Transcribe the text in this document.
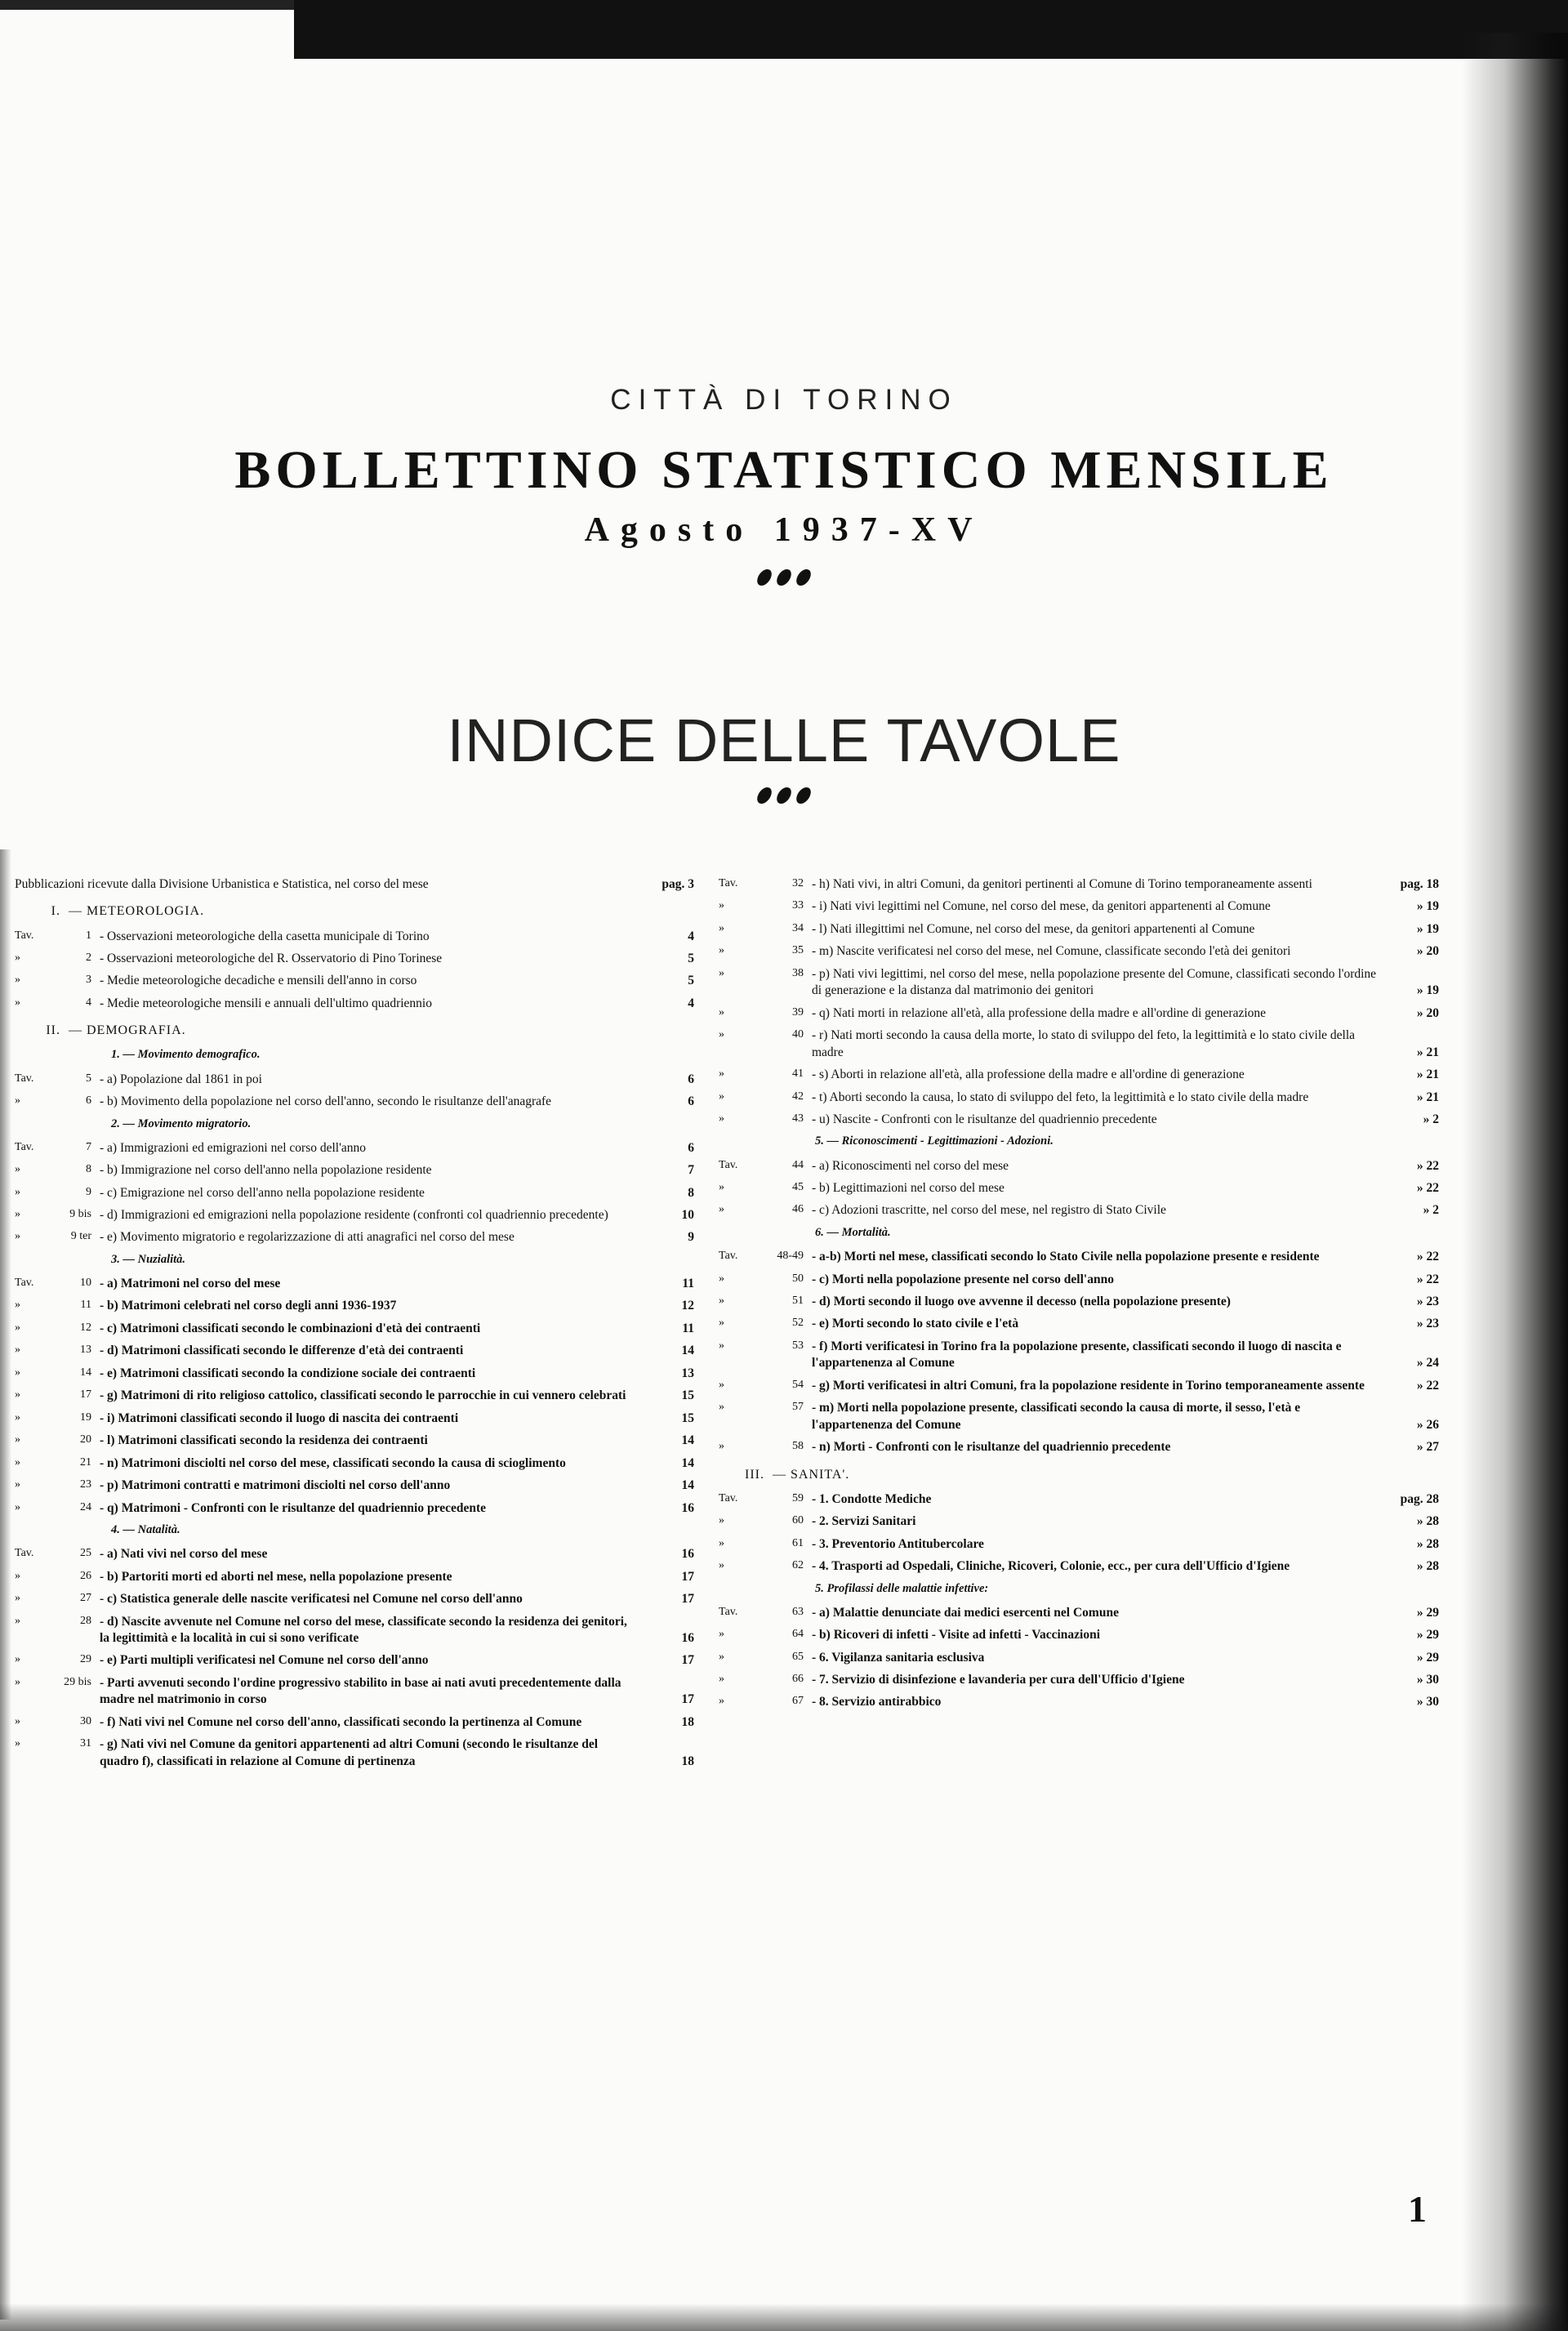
CITTÀ DI TORINO
BOLLETTINO STATISTICO MENSILE
Agosto 1937-XV
INDICE DELLE TAVOLE
Pubblicazioni ricevute dalla Divisione Urbanistica e Statistica, nel corso del mese	pag. 3
I. — METEOROLOGIA.
Tav.	1 - Osservazioni meteorologiche della casetta municipale di Torino	4
»	2 - Osservazioni meteorologiche del R. Osservatorio di Pino Torinese	5
»	3 - Medie meteorologiche decadiche e mensili dell'anno in corso	5
»	4 - Medie meteorologiche mensili e annuali dell'ultimo quadriennio	4
II. — DEMOGRAFIA.
1. — Movimento demografico.
Tav.	5 - a) Popolazione dal 1861 in poi	6
»	6 - b) Movimento della popolazione nel corso dell'anno, secondo le risultanze dell'anagrafe	6
2. — Movimento migratorio.
Tav.	7 - a) Immigrazioni ed emigrazioni nel corso dell'anno	6
»	8 - b) Immigrazione nel corso dell'anno nella popolazione residente	7
»	9 - c) Emigrazione nel corso dell'anno nella popolazione residente	8
»	9 bis - d) Immigrazioni ed emigrazioni nella popolazione residente (confronti col quadriennio precedente)	10
»	9 ter - e) Movimento migratorio e regolarizzazione di atti anagrafici nel corso del mese	9
3. — Nuzialità.
Tav.	10 - a) Matrimoni nel corso del mese	11
»	11 - b) Matrimoni celebrati nel corso degli anni 1936-1937	12
»	12 - c) Matrimoni classificati secondo le combinazioni d'età dei contraenti	11
»	13 - d) Matrimoni classificati secondo le differenze d'età dei contraenti	14
»	14 - e) Matrimoni classificati secondo la condizione sociale dei contraenti	13
»	17 - g) Matrimoni di rito religioso cattolico, classificati secondo le parrocchie in cui vennero celebrati	15
»	19 - i) Matrimoni classificati secondo il luogo di nascita dei contraenti	15
»	20 - l) Matrimoni classificati secondo la residenza dei contraenti	14
»	21 - n) Matrimoni disciolti nel corso del mese, classificati secondo la causa di scioglimento	14
»	23 - p) Matrimoni contratti e matrimoni disciolti nel corso dell'anno	14
»	24 - q) Matrimoni - Confronti con le risultanze del quadriennio precedente	16
4. — Natalità.
Tav.	25 - a) Nati vivi nel corso del mese	16
»	26 - b) Partoriti morti ed aborti nel mese, nella popolazione presente	17
»	27 - c) Statistica generale delle nascite verificatesi nel Comune nel corso dell'anno	17
»	28 - d) Nascite avvenute nel Comune nel corso del mese, classificate secondo la residenza dei genitori, la legittimità e la località in cui si sono verificate	16
»	29 - e) Parti multipli verificatesi nel Comune nel corso dell'anno	17
»	29 bis - Parti avvenuti secondo l'ordine progressivo stabilito in base ai nati avuti precedentemente dalla madre nel matrimonio in corso	17
»	30 - f) Nati vivi nel Comune nel corso dell'anno, classificati secondo la pertinenza al Comune	18
»	31 - g) Nati vivi nel Comune da genitori appartenenti ad altri Comuni (secondo le risultanze del quadro f), classificati in relazione al Comune di pertinenza	18
Tav.	32 - h) Nati vivi, in altri Comuni, da genitori pertinenti al Comune di Torino temporaneamente assenti	pag. 18
»	33 - i) Nati vivi legittimi nel Comune, nel corso del mese, da genitori appartenenti al Comune	» 19
»	34 - l) Nati illegittimi nel Comune, nel corso del mese, da genitori appartenenti al Comune	» 19
»	35 - m) Nascite verificatesi nel corso del mese, nel Comune, classificate secondo l'età dei genitori	» 20
»	38 - p) Nati vivi legittimi, nel corso del mese, nella popolazione presente del Comune, classificati secondo l'ordine di generazione e la distanza dal matrimonio dei genitori	» 19
»	39 - q) Nati morti in relazione all'età, alla professione della madre e all'ordine di generazione	» 20
»	40 - r) Nati morti secondo la causa della morte, lo stato di sviluppo del feto, la legittimità e lo stato civile della madre	» 21
»	41 - s) Aborti in relazione all'età, alla professione della madre e all'ordine di generazione	» 21
»	42 - t) Aborti secondo la causa, lo stato di sviluppo del feto, la legittimità e lo stato civile della madre	» 21
»	43 - u) Nascite - Confronti con le risultanze del quadriennio precedente	» 2
5. — Riconoscimenti - Legittimazioni - Adozioni.
Tav.	44 - a) Riconoscimenti nel corso del mese	» 22
»	45 - b) Legittimazioni nel corso del mese	» 22
»	46 - c) Adozioni trascritte, nel corso del mese, nel registro di Stato Civile	» 2
6. — Mortalità.
Tav.	48-49 - a-b) Morti nel mese, classificati secondo lo Stato Civile nella popolazione presente e residente	» 22
»	50 - c) Morti nella popolazione presente nel corso dell'anno	» 22
»	51 - d) Morti secondo il luogo ove avvenne il decesso (nella popolazione presente)	» 23
»	52 - e) Morti secondo lo stato civile e l'età	» 23
»	53 - f) Morti verificatesi in Torino fra la popolazione presente, classificati secondo il luogo di nascita e l'appartenenza al Comune	» 24
»	54 - g) Morti verificatesi in altri Comuni, fra la popolazione residente in Torino temporaneamente assente	» 22
»	57 - m) Morti nella popolazione presente, classificati secondo la causa di morte, il sesso, l'età e l'appartenenza del Comune	» 26
»	58 - n) Morti - Confronti con le risultanze del quadriennio precedente	» 27
III. — SANITA'.
Tav.	59 - 1. Condotte Mediche	pag. 28
»	60 - 2. Servizi Sanitari	» 28
»	61 - 3. Preventorio Antitubercolare	» 28
»	62 - 4. Trasporti ad Ospedali, Cliniche, Ricoveri, Colonie, ecc., per cura dell'Ufficio d'Igiene	» 28
5. Profilassi delle malattie infettive:
Tav.	63 - a) Malattie denunciate dai medici esercenti nel Comune	» 29
»	64 - b) Ricoveri di infetti - Visite ad infetti - Vaccinazioni	» 29
»	65 - 6. Vigilanza sanitaria esclusiva	» 29
»	66 - 7. Servizio di disinfezione e lavanderia per cura dell'Ufficio d'Igiene	» 30
»	67 - 8. Servizio antirabbico	» 30
1
